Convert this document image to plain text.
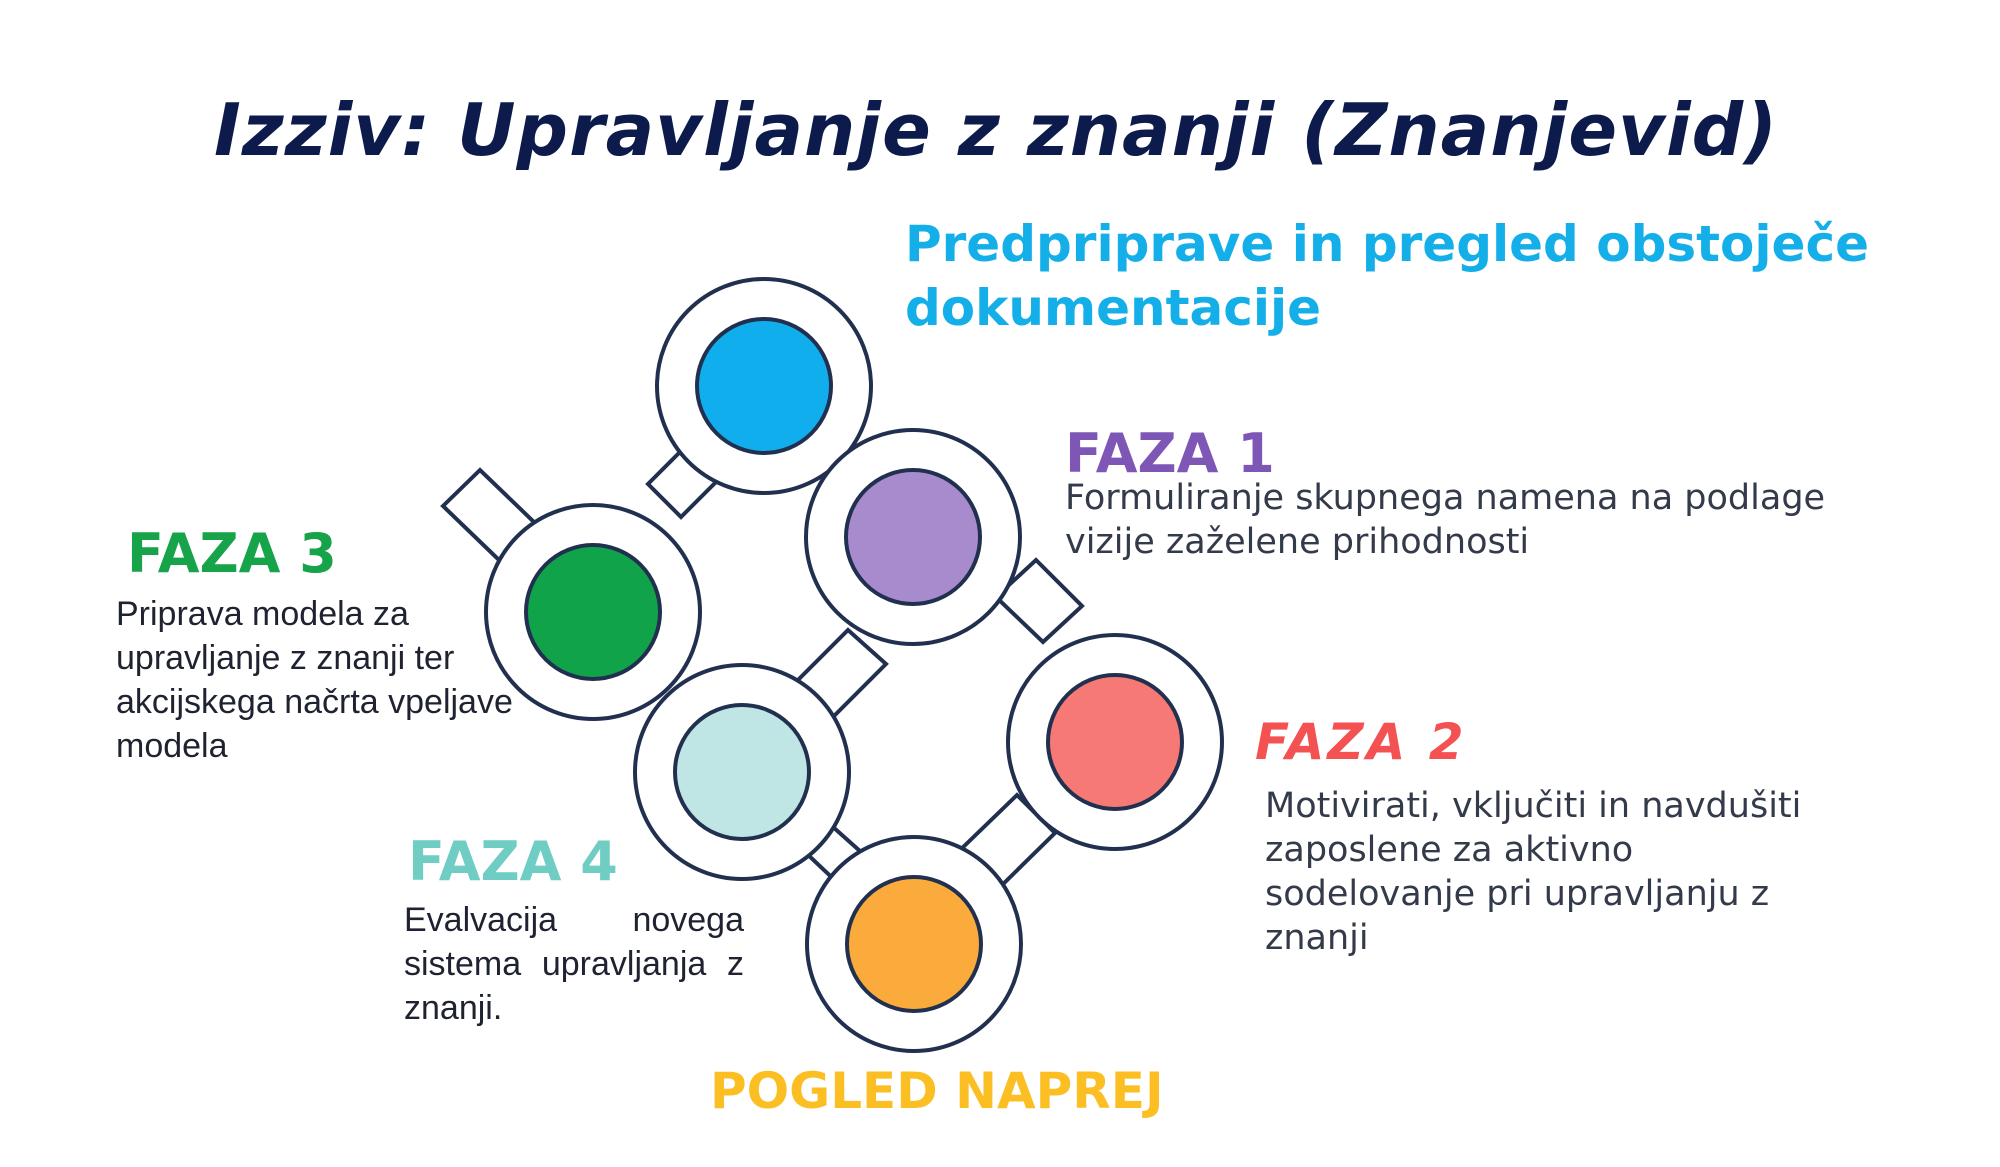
Izziv: Upravljanje z znanji (Znanjevid)
Predpriprave in pregled obstoječe dokumentacije
FAZA 1
Formuliranje skupnega namena na podlage vizije zaželene prihodnosti
FAZA 2
Motivirati, vključiti in navdušiti zaposlene za aktivno sodelovanje pri upravljanju z znanji
FAZA 3
Priprava modela za upravljanje z znanji ter akcijskega načrta vpeljave modela
FAZA 4
Evalvacija novega sistema upravljanja z znanji.
POGLED NAPREJ
